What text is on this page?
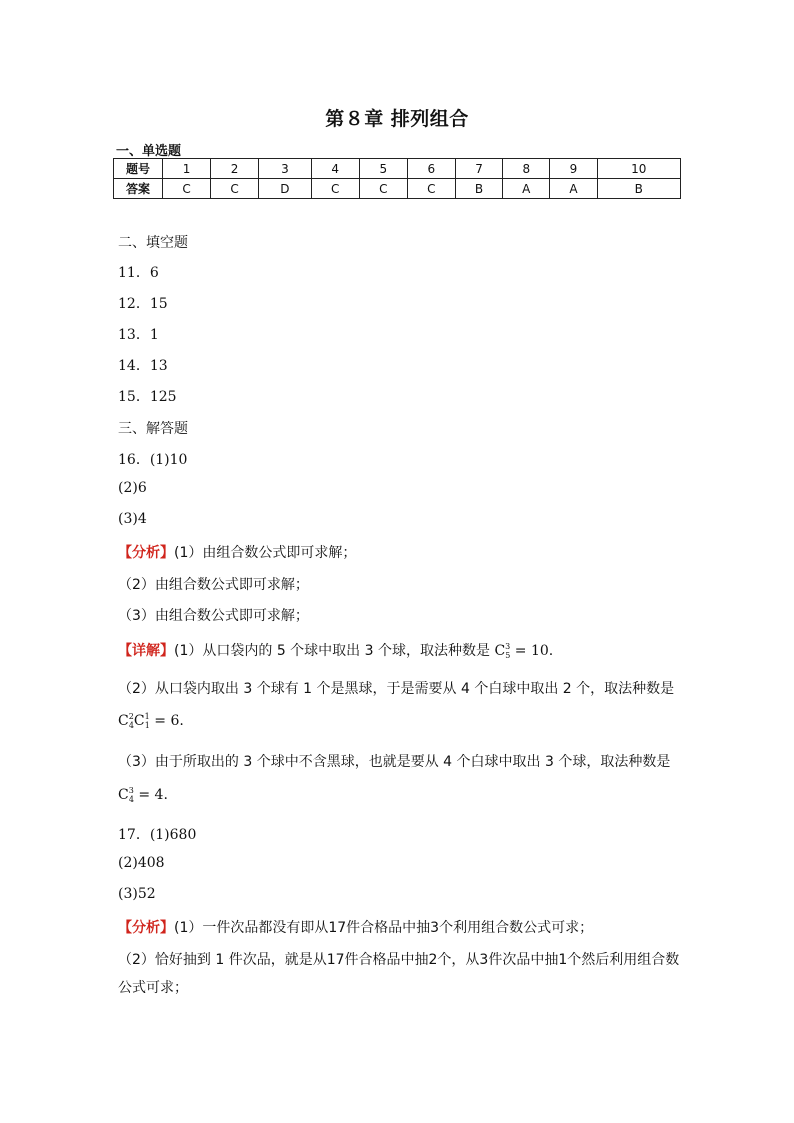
第８章 排列组合
一、单选题
题号	1	2	3	4	5	6	7	8	9	10
答案	C	C	D	C	C	C	B	A	A	B
二、填空题
11．6
12．15
13．1
14．13
15．125
三、解答题
16．(1)10
(2)6
(3)4
【分析】(1）由组合数公式即可求解；
（2）由组合数公式即可求解；
（3）由组合数公式即可求解；
【详解】(1）从口袋内的 5 个球中取出 3 个球，取法种数是 $C^3_5 = 10$.
（2）从口袋内取出 3 个球有 1 个是黑球，于是需要从 4 个白球中取出 2 个，取法种数是
$C^2_4C^1_1 = 6$.
（3）由于所取出的 3 个球中不含黑球，也就是要从 4 个白球中取出 3 个球，取法种数是
$C^3_4 = 4$.
17．(1)680
(2)408
(3)52
【分析】(1）一件次品都没有即从17件合格品中抽3个利用组合数公式可求；
（2）恰好抽到 1 件次品，就是从17件合格品中抽2个，从3件次品中抽1个然后利用组合数
公式可求；
